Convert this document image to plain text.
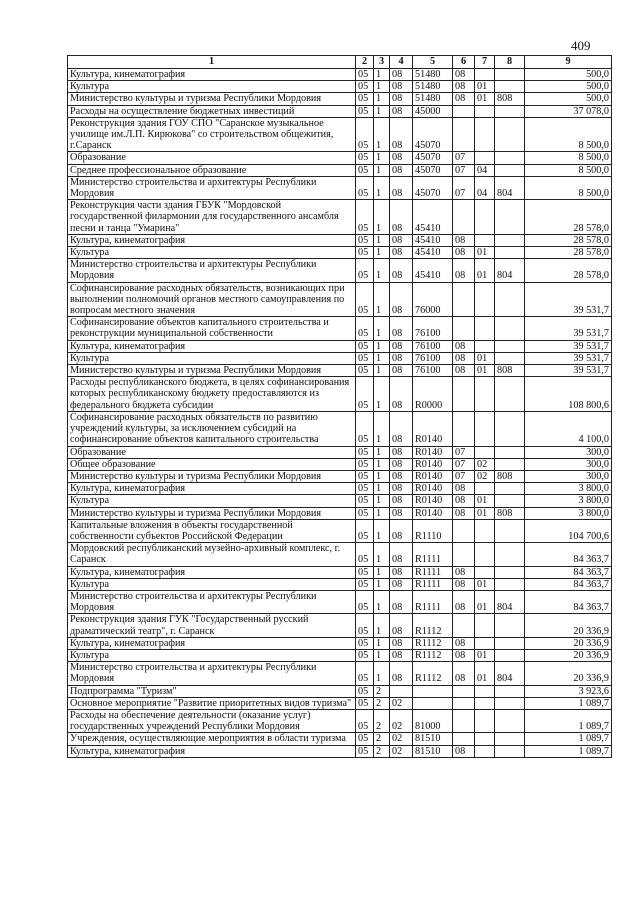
409
1	2	3	4	5	6	7	8	9
Культура, кинематография	05	1	08	51480	08			500,0
Культура	05	1	08	51480	08	01		500,0
Министерство культуры и туризма Республики Мордовия	05	1	08	51480	08	01	808	500,0
Расходы на осуществление бюджетных инвестиций	05	1	08	45000				37 078,0
Реконструкция здания ГОУ СПО "Саранское музыкальное училище им.Л.П. Кирюкова" со строительством общежития, г.Саранск	05	1	08	45070				8 500,0
Образование	05	1	08	45070	07			8 500,0
Среднее профессиональное образование	05	1	08	45070	07	04		8 500,0
Министерство строительства и архитектуры Республики Мордовия	05	1	08	45070	07	04	804	8 500,0
Реконструкция части здания ГБУК "Мордовской государственной филармонии для государственного ансамбля песни и танца "Умарина"	05	1	08	45410				28 578,0
Культура, кинематография	05	1	08	45410	08			28 578,0
Культура	05	1	08	45410	08	01		28 578,0
Министерство строительства и архитектуры Республики Мордовия	05	1	08	45410	08	01	804	28 578,0
Софинансирование расходных обязательств, возникающих при выполнении полномочий органов местного самоуправления по вопросам местного значения	05	1	08	76000				39 531,7
Софинансирование объектов капитального строительства и реконструкции муниципальной собственности	05	1	08	76100				39 531,7
Культура, кинематография	05	1	08	76100	08			39 531,7
Культура	05	1	08	76100	08	01		39 531,7
Министерство культуры и туризма Республики Мордовия	05	1	08	76100	08	01	808	39 531,7
Расходы республиканского бюджета, в целях софинансирования которых республиканскому бюджету предоставляются из федерального бюджета субсидии	05	1	08	R0000				108 800,6
Софинансирование расходных обязательств по развитию учреждений культуры, за исключением субсидий на софинансирование объектов капитального строительства	05	1	08	R0140				4 100,0
Образование	05	1	08	R0140	07			300,0
Общее образование	05	1	08	R0140	07	02		300,0
Министерство культуры и туризма Республики Мордовия	05	1	08	R0140	07	02	808	300,0
Культура, кинематография	05	1	08	R0140	08			3 800,0
Культура	05	1	08	R0140	08	01		3 800,0
Министерство культуры и туризма Республики Мордовия	05	1	08	R0140	08	01	808	3 800,0
Капитальные вложения в объекты государственной собственности субъектов Российской Федерации	05	1	08	R1110				104 700,6
Мордовский республиканский музейно-архивный комплекс, г. Саранск	05	1	08	R1111				84 363,7
Культура, кинематография	05	1	08	R1111	08			84 363,7
Культура	05	1	08	R1111	08	01		84 363,7
Министерство строительства и архитектуры Республики Мордовия	05	1	08	R1111	08	01	804	84 363,7
Реконструкция здания ГУК "Государственный русский драматический театр", г. Саранск	05	1	08	R1112				20 336,9
Культура, кинематография	05	1	08	R1112	08			20 336,9
Культура	05	1	08	R1112	08	01		20 336,9
Министерство строительства и архитектуры Республики Мордовия	05	1	08	R1112	08	01	804	20 336,9
Подпрограмма "Туризм"	05	2						3 923,6
Основное мероприятие "Развитие приоритетных видов туризма"	05	2	02					1 089,7
Расходы на обеспечение деятельности (оказание услуг) государственных учреждений Республики Мордовия	05	2	02	81000				1 089,7
Учреждения, осуществляющие мероприятия в области туризма	05	2	02	81510				1 089,7
Культура, кинематография	05	2	02	81510	08			1 089,7
